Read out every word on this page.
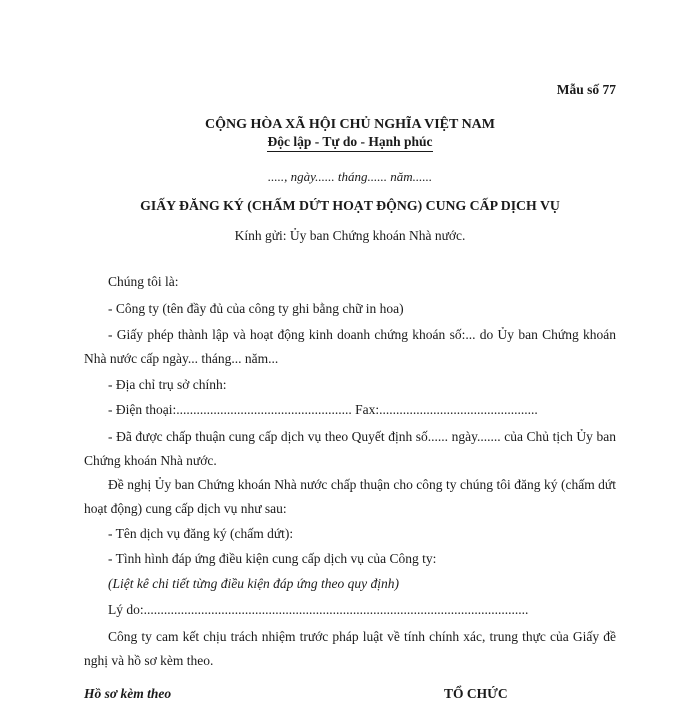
Mẫu số 77
CỘNG HÒA XÃ HỘI CHỦ NGHĨA VIỆT NAM
Độc lập - Tự do - Hạnh phúc
....., ngày...... tháng...... năm......
GIẤY ĐĂNG KÝ (CHẤM DỨT HOẠT ĐỘNG) CUNG CẤP DỊCH VỤ
Kính gửi: Ủy ban Chứng khoán Nhà nước.
Chúng tôi là:
- Công ty (tên đầy đủ của công ty ghi bằng chữ in hoa)
- Giấy phép thành lập và hoạt động kinh doanh chứng khoán số:... do Ủy ban Chứng khoán Nhà nước cấp ngày... tháng... năm...
- Địa chỉ trụ sở chính:
- Điện thoại:.................................................... Fax:...............................................
- Đã được chấp thuận cung cấp dịch vụ theo Quyết định số...... ngày....... của Chủ tịch Ủy ban Chứng khoán Nhà nước.
Đề nghị Ủy ban Chứng khoán Nhà nước chấp thuận cho công ty chúng tôi đăng ký (chấm dứt hoạt động) cung cấp dịch vụ như sau:
- Tên dịch vụ đăng ký (chấm dứt):
- Tình hình đáp ứng điều kiện cung cấp dịch vụ của Công ty:
(Liệt kê chi tiết từng điều kiện đáp ứng theo quy định)
Lý do:..................................................................................................................
Công ty cam kết chịu trách nhiệm trước pháp luật về tính chính xác, trung thực của Giấy đề nghị và hồ sơ kèm theo.
Hồ sơ kèm theo	TỔ CHỨC
